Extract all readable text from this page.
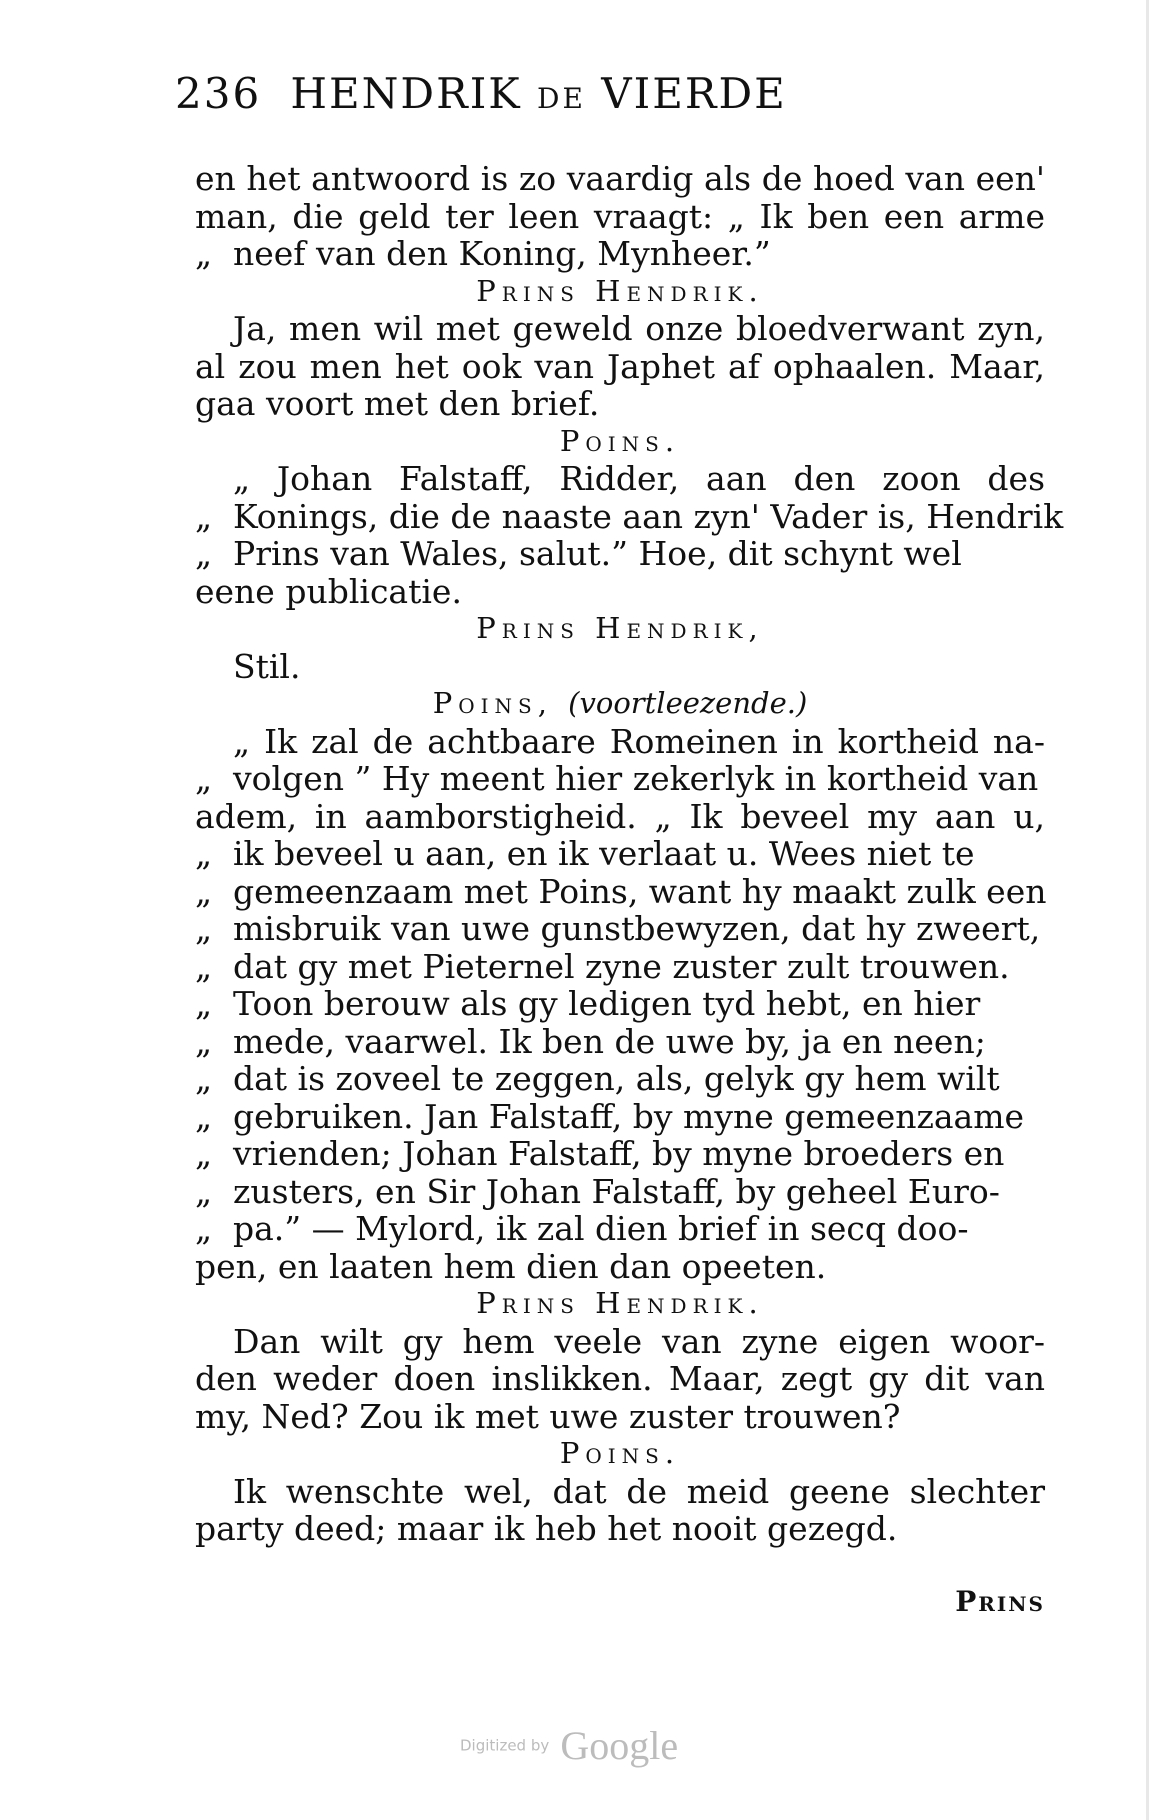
236 HENDRIK DE VIERDE
en het antwoord is zo vaardig als de hoed van een'
man, die geld ter leen vraagt: „ Ik ben een arme
„ neef van den Koning, Mynheer.”
Prins Hendrik.
Ja, men wil met geweld onze bloedverwant zyn,
al zou men het ook van Japhet af ophaalen. Maar,
gaa voort met den brief.
Poins.
„ Johan Falstaff, Ridder, aan den zoon des
„ Konings, die de naaste aan zyn' Vader is, Hendrik
„ Prins van Wales, salut.” Hoe, dit schynt wel
eene publicatie.
Prins Hendrik,
Stil.
Poins, (voortleezende.)
„ Ik zal de achtbaare Romeinen in kortheid na-
„ volgen ” Hy meent hier zekerlyk in kortheid van
adem, in aamborstigheid. „ Ik beveel my aan u,
„ ik beveel u aan, en ik verlaat u. Wees niet te
„ gemeenzaam met Poins, want hy maakt zulk een
„ misbruik van uwe gunstbewyzen, dat hy zweert,
„ dat gy met Pieternel zyne zuster zult trouwen.
„ Toon berouw als gy ledigen tyd hebt, en hier
„ mede, vaarwel. Ik ben de uwe by, ja en neen;
„ dat is zoveel te zeggen, als, gelyk gy hem wilt
„ gebruiken. Jan Falstaff, by myne gemeenzaame
„ vrienden; Johan Falstaff, by myne broeders en
„ zusters, en Sir Johan Falstaff, by geheel Euro-
„ pa.” — Mylord, ik zal dien brief in secq doo-
pen, en laaten hem dien dan opeeten.
Prins Hendrik.
Dan wilt gy hem veele van zyne eigen woor-
den weder doen inslikken. Maar, zegt gy dit van
my, Ned? Zou ik met uwe zuster trouwen?
Poins.
Ik wenschte wel, dat de meid geene slechter
party deed; maar ik heb het nooit gezegd.
Prins
Digitized by Google
